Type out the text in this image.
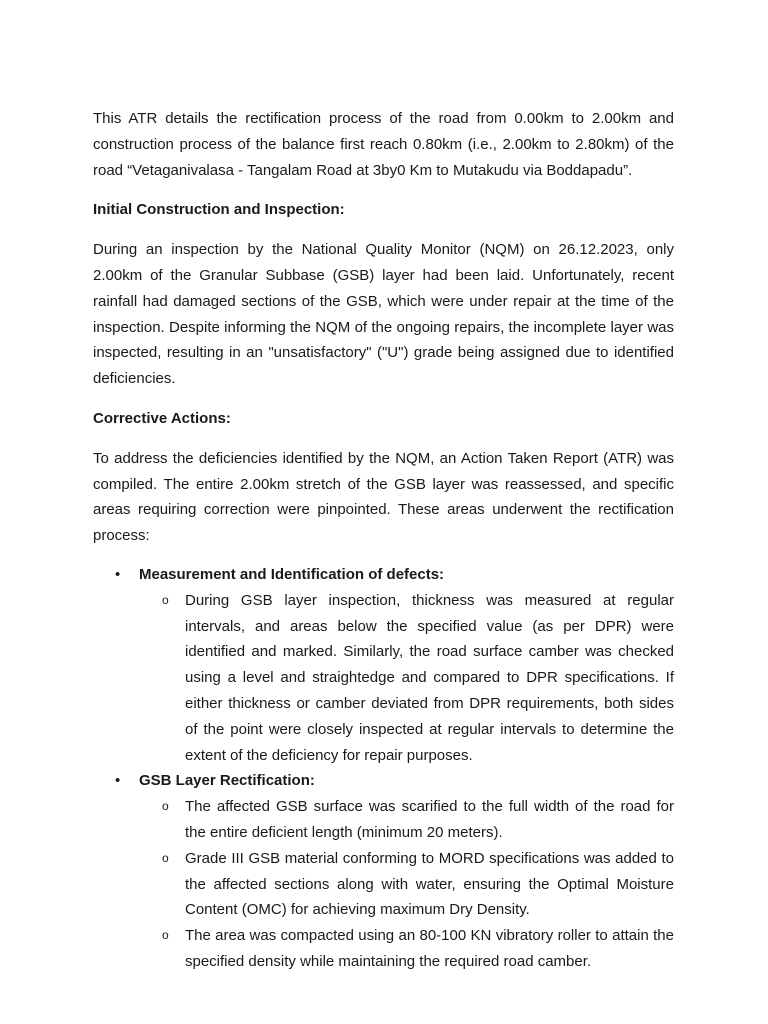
This ATR details the rectification process of the road from 0.00km to 2.00km and construction process of the balance first reach 0.80km (i.e., 2.00km to 2.80km) of the road “Vetaganivalasa - Tangalam Road at 3by0 Km to Mutakudu via Boddapadu”.

Initial Construction and Inspection:

During an inspection by the National Quality Monitor (NQM) on 26.12.2023, only 2.00km of the Granular Subbase (GSB) layer had been laid. Unfortunately, recent rainfall had damaged sections of the GSB, which were under repair at the time of the inspection. Despite informing the NQM of the ongoing repairs, the incomplete layer was inspected, resulting in an "unsatisfactory" ("U") grade being assigned due to identified deficiencies.

Corrective Actions:

To address the deficiencies identified by the NQM, an Action Taken Report (ATR) was compiled. The entire 2.00km stretch of the GSB layer was reassessed, and specific areas requiring correction were pinpointed. These areas underwent the rectification process:

• Measurement and Identification of defects:
o During GSB layer inspection, thickness was measured at regular intervals, and areas below the specified value (as per DPR) were identified and marked. Similarly, the road surface camber was checked using a level and straightedge and compared to DPR specifications. If either thickness or camber deviated from DPR requirements, both sides of the point were closely inspected at regular intervals to determine the extent of the deficiency for repair purposes.
• GSB Layer Rectification:
o The affected GSB surface was scarified to the full width of the road for the entire deficient length (minimum 20 meters).
o Grade III GSB material conforming to MORD specifications was added to the affected sections along with water, ensuring the Optimal Moisture Content (OMC) for achieving maximum Dry Density.
o The area was compacted using an 80-100 KN vibratory roller to attain the specified density while maintaining the required road camber.
